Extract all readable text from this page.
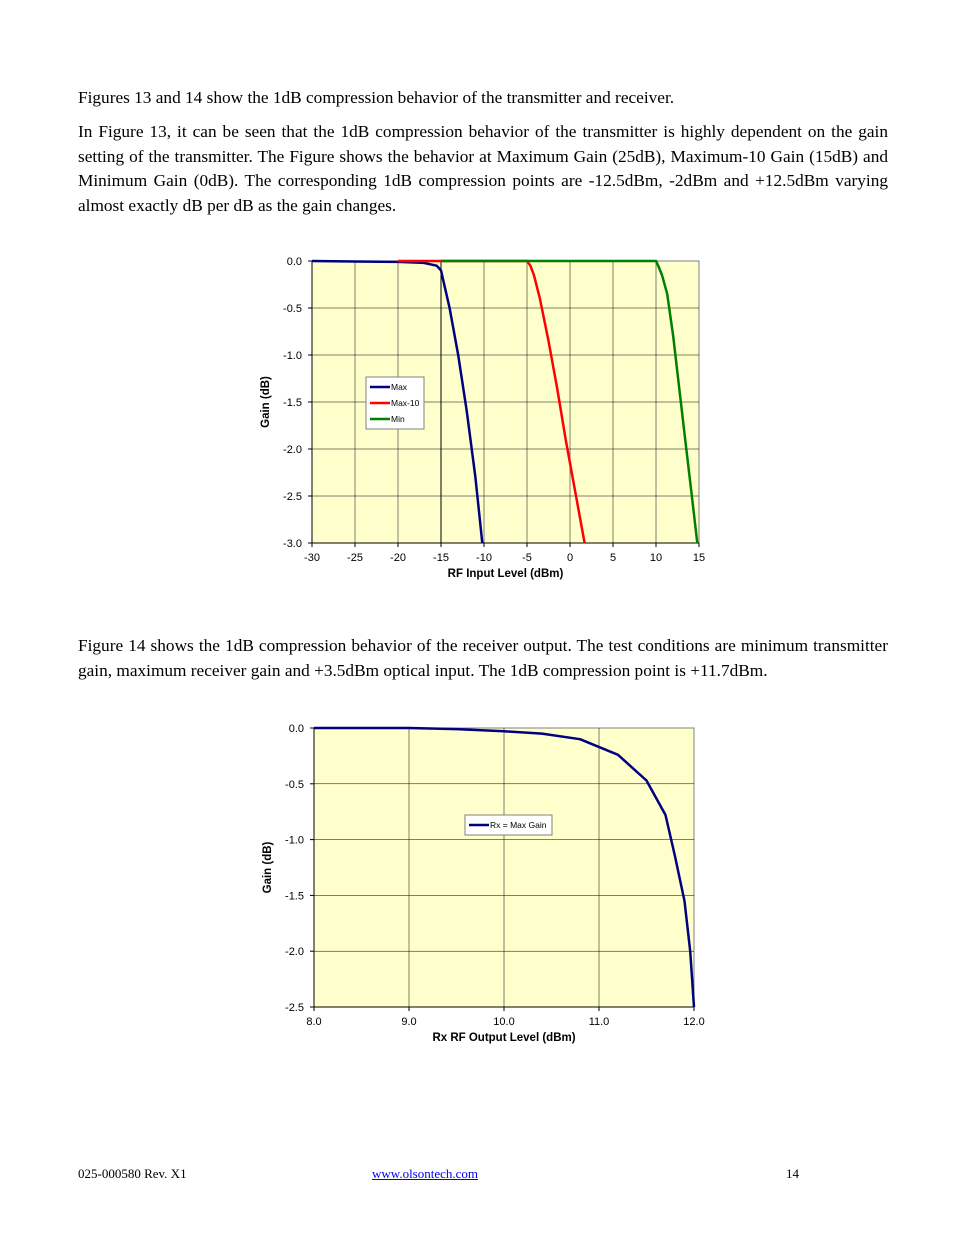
Figures 13 and 14 show the 1dB compression behavior of the transmitter and receiver.

In Figure 13, it can be seen that the 1dB compression behavior of the transmitter is highly dependent on the gain setting of the transmitter. The Figure shows the behavior at Maximum Gain (25dB), Maximum-10 Gain (15dB) and Minimum Gain (0dB). The corresponding 1dB compression points are -12.5dBm, -2dBm and +12.5dBm varying almost exactly dB per dB as the gain changes.

-30 -25 -20 -15 -10	-5	0	5	10	15
0.0
-0.5
-1.0
-1.5
-2.0
-2.5
-3.0
RF Input Level (dBm)
Gain (dB)	Max
Max-10
Min

Figure 14 shows the 1dB compression behavior of the receiver output. The test conditions are minimum transmitter gain, maximum receiver gain and +3.5dBm optical input. The 1dB compression point is +11.7dBm.

8.0	9.0	10.0	11.0	12.0
0.0
-0.5
-1.0
-1.5
-2.0
-2.5
Rx RF Output Level (dBm)
Gain (dB)
Rx = Max Gain
025-000580 Rev. X1	www.olsontech.com	14
